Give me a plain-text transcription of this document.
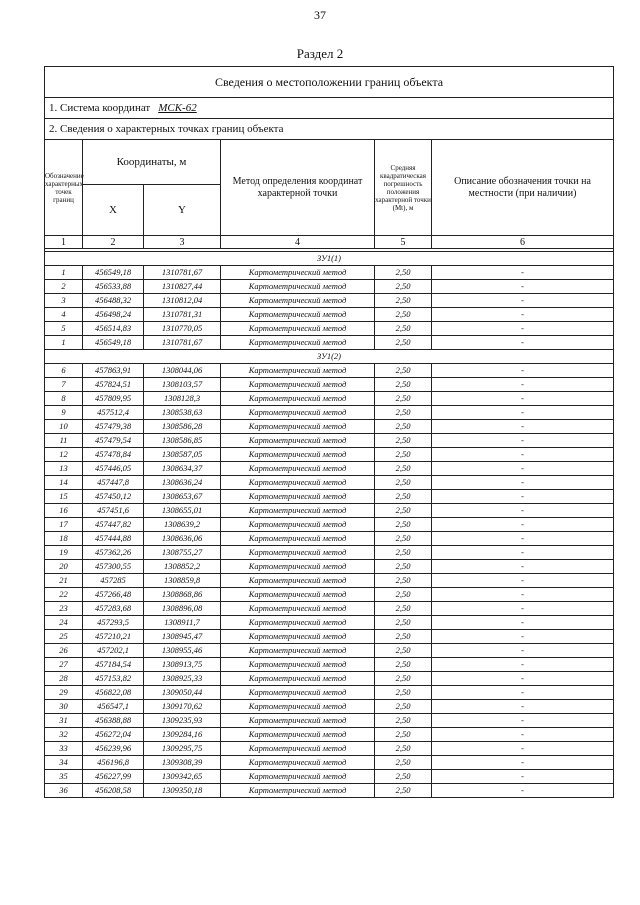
37
Раздел 2
Сведения о местоположении границ объекта					
1. Система координат МСК-62					
2. Сведения о характерных точках границ объекта					
Обозначение характерных точек границ	Координаты, м		Метод определения координат характерной точки	Средняя квадратическая погрешность положения характерной точки (Mt), м	Описание обозначения точки на местности (при наличии)
	X	Y			
1	2	3	4	5	6

ЗУ1(1)					
1	456549,18	1310781,67	Картометрический метод	2,50	-
2	456533,88	1310827,44	Картометрический метод	2,50	-
3	456488,32	1310812,04	Картометрический метод	2,50	-
4	456498,24	1310781,31	Картометрический метод	2,50	-
5	456514,83	1310770,05	Картометрический метод	2,50	-
1	456549,18	1310781,67	Картометрический метод	2,50	-
ЗУ1(2)					
6	457863,91	1308044,06	Картометрический метод	2,50	-
7	457824,51	1308103,57	Картометрический метод	2,50	-
8	457809,95	1308128,3	Картометрический метод	2,50	-
9	457512,4	1308538,63	Картометрический метод	2,50	-
10	457479,38	1308586,28	Картометрический метод	2,50	-
11	457479,54	1308586,85	Картометрический метод	2,50	-
12	457478,84	1308587,05	Картометрический метод	2,50	-
13	457446,05	1308634,37	Картометрический метод	2,50	-
14	457447,8	1308636,24	Картометрический метод	2,50	-
15	457450,12	1308653,67	Картометрический метод	2,50	-
16	457451,6	1308655,01	Картометрический метод	2,50	-
17	457447,82	1308639,2	Картометрический метод	2,50	-
18	457444,88	1308636,06	Картометрический метод	2,50	-
19	457362,26	1308755,27	Картометрический метод	2,50	-
20	457300,55	1308852,2	Картометрический метод	2,50	-
21	457285	1308859,8	Картометрический метод	2,50	-
22	457266,48	1308868,86	Картометрический метод	2,50	-
23	457283,68	1308896,08	Картометрический метод	2,50	-
24	457293,5	1308911,7	Картометрический метод	2,50	-
25	457210,21	1308945,47	Картометрический метод	2,50	-
26	457202,1	1308955,46	Картометрический метод	2,50	-
27	457184,54	1308913,75	Картометрический метод	2,50	-
28	457153,82	1308925,33	Картометрический метод	2,50	-
29	456822,08	1309050,44	Картометрический метод	2,50	-
30	456547,1	1309170,62	Картометрический метод	2,50	-
31	456388,88	1309235,93	Картометрический метод	2,50	-
32	456272,04	1309284,16	Картометрический метод	2,50	-
33	456239,96	1309295,75	Картометрический метод	2,50	-
34	456196,8	1309308,39	Картометрический метод	2,50	-
35	456227,99	1309342,65	Картометрический метод	2,50	-
36	456208,58	1309350,18	Картометрический метод	2,50	-
